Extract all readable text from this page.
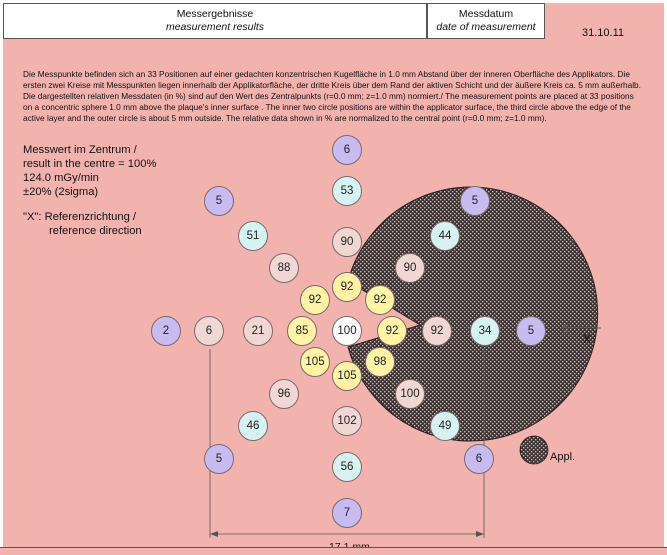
Messergebnisse
measurement results
Messdatum
date of measurement	31.10.11
Die Messpunkte befinden sich an 33 Positionen auf einer gedachten konzentrischen Kugelfläche in 1.0 mm Abstand über der inneren Oberfläche des Applikators. Die ersten zwei Kreise mit Messpunkten liegen innerhalb der Applikatorfläche, der dritte Kreis über dem Rand der aktiven Schicht und der äußere Kreis ca. 5 mm außerhalb. Die dargestellten relativen Messdaten (in %) sind auf den Wert des Zentralpunkts (r=0.0 mm; z=1.0 mm) normiert./ The measurement points are placed at 33 positions on a concentric sphere 1.0 mm above the plaque's inner surface . The inner two circle positions are within the applicator surface, the third circle above the edge of the active layer and the outer circle is about 5 mm outside. The relative data shown in % are normalized to the central point (r=0.0 mm; z=1.0 mm).
Messwert im Zentrum /
result in the centre = 100%
124.0 mGy/min
±20% (2sigma)
"X": Referenzrichtung /
reference direction
100
92
92
92
98
105
105
85
92
90
90
92
100
102
96
21
88
53
44
34
49
56
46
6
51
6
5
5
6
7
5
2
5
X
Appl.
